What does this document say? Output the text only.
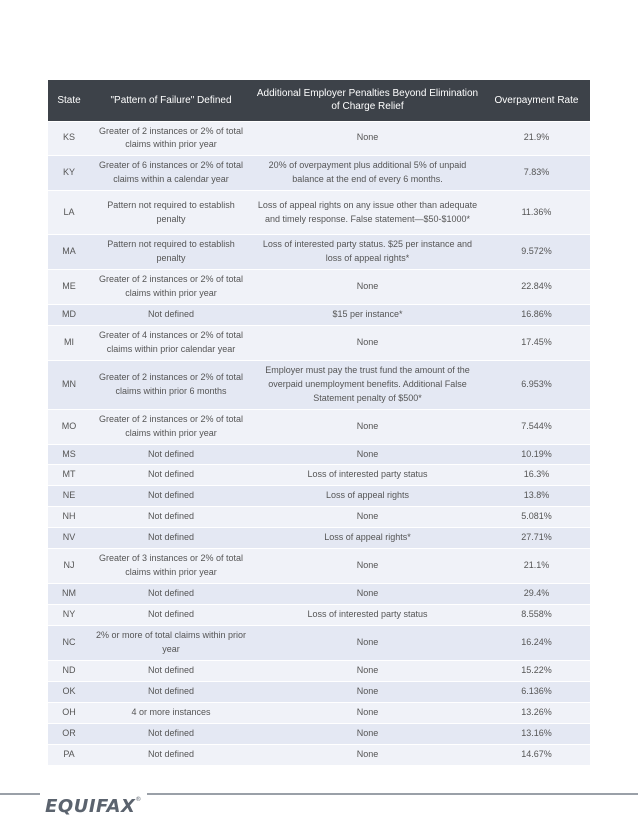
State	"Pattern of Failure" Defined	Additional Employer Penalties Beyond Elimination of Charge Relief	Overpayment Rate
KS	Greater of 2 instances or 2% of total claims within prior year	None	21.9%
KY	Greater of 6 instances or 2% of total claims within a calendar year	20% of overpayment plus additional 5% of unpaid balance at the end of every 6 months.	7.83%
LA	Pattern not required to establish penalty	Loss of appeal rights on any issue other than adequate and timely response. False statement—$50-$1000*	11.36%
MA	Pattern not required to establish penalty	Loss of interested party status. $25 per instance and loss of appeal rights*	9.572%
ME	Greater of 2 instances or 2% of total claims within prior year	None	22.84%
MD	Not defined	$15 per instance*	16.86%
MI	Greater of 4 instances or 2% of total claims within prior calendar year	None	17.45%
MN	Greater of 2 instances or 2% of total claims within prior 6 months	Employer must pay the trust fund the amount of the overpaid unemployment benefits. Additional False Statement penalty of $500*	6.953%
MO	Greater of 2 instances or 2% of total claims within prior year	None	7.544%
MS	Not defined	None	10.19%
MT	Not defined	Loss of interested party status	16.3%
NE	Not defined	Loss of appeal rights	13.8%
NH	Not defined	None	5.081%
NV	Not defined	Loss of appeal rights*	27.71%
NJ	Greater of 3 instances or 2% of total claims within prior year	None	21.1%
NM	Not defined	None	29.4%
NY	Not defined	Loss of interested party status	8.558%
NC	2% or more of total claims within prior year	None	16.24%
ND	Not defined	None	15.22%
OK	Not defined	None	6.136%
OH	4 or more instances	None	13.26%
OR	Not defined	None	13.16%
PA	Not defined	None	14.67%
EQUIFAX®
